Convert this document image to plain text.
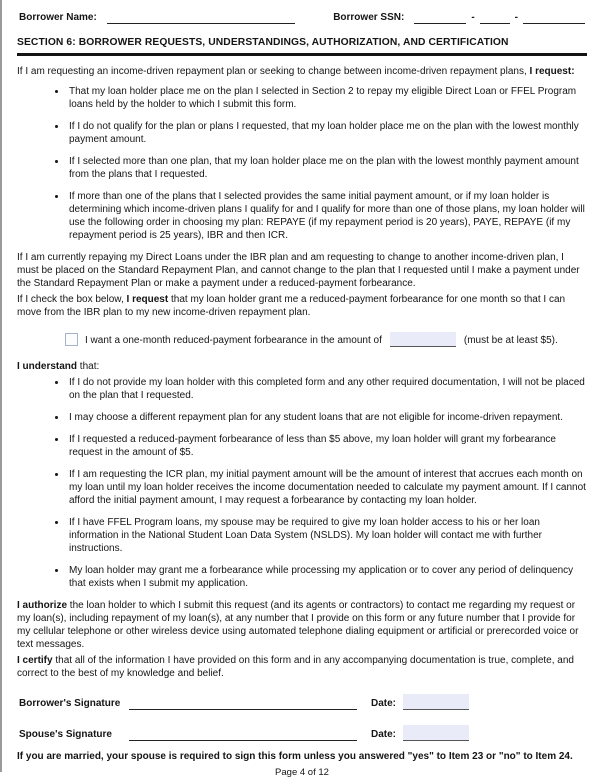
Borrower Name:	Borrower SSN:	-	-
SECTION 6: BORROWER REQUESTS, UNDERSTANDINGS, AUTHORIZATION, AND CERTIFICATION

If I am requesting an income-driven repayment plan or seeking to change between income-driven repayment plans, I request:

• That my loan holder place me on the plan I selected in Section 2 to repay my eligible Direct Loan or FFEL Program loans held by the holder to which I submit this form.
• If I do not qualify for the plan or plans I requested, that my loan holder place me on the plan with the lowest monthly payment amount.
• If I selected more than one plan, that my loan holder place me on the plan with the lowest monthly payment amount from the plans that I requested.
• If more than one of the plans that I selected provides the same initial payment amount, or if my loan holder is determining which income-driven plans I qualify for and I qualify for more than one of those plans, my loan holder will use the following order in choosing my plan: REPAYE (if my repayment period is 20 years), PAYE, REPAYE (if my repayment period is 25 years), IBR and then ICR.

If I am currently repaying my Direct Loans under the IBR plan and am requesting to change to another income-driven plan, I must be placed on the Standard Repayment Plan, and cannot change to the plan that I requested until I make a payment under the Standard Repayment Plan or make a payment under a reduced-payment forbearance.

If I check the box below, I request that my loan holder grant me a reduced-payment forbearance for one month so that I can move from the IBR plan to my new income-driven repayment plan.

I want a one-month reduced-payment forbearance in the amount of	(must be at least $5).

I understand that:

• If I do not provide my loan holder with this completed form and any other required documentation, I will not be placed on the plan that I requested.
• I may choose a different repayment plan for any student loans that are not eligible for income-driven repayment.
• If I requested a reduced-payment forbearance of less than $5 above, my loan holder will grant my forbearance request in the amount of $5.
• If I am requesting the ICR plan, my initial payment amount will be the amount of interest that accrues each month on my loan until my loan holder receives the income documentation needed to calculate my payment amount. If I cannot afford the initial payment amount, I may request a forbearance by contacting my loan holder.
• If I have FFEL Program loans, my spouse may be required to give my loan holder access to his or her loan information in the National Student Loan Data System (NSLDS). My loan holder will contact me with further instructions.
• My loan holder may grant me a forbearance while processing my application or to cover any period of delinquency that exists when I submit my application.

I authorize the loan holder to which I submit this request (and its agents or contractors) to contact me regarding my request or my loan(s), including repayment of my loan(s), at any number that I provide on this form or any future number that I provide for my cellular telephone or other wireless device using automated telephone dialing equipment or artificial or prerecorded voice or text messages.

I certify that all of the information I have provided on this form and in any accompanying documentation is true, complete, and correct to the best of my knowledge and belief.

Borrower's Signature	Date:
Spouse's Signature	Date:
If you are married, your spouse is required to sign this form unless you answered "yes" to Item 23 or "no" to Item 24.
Page 4 of 12
